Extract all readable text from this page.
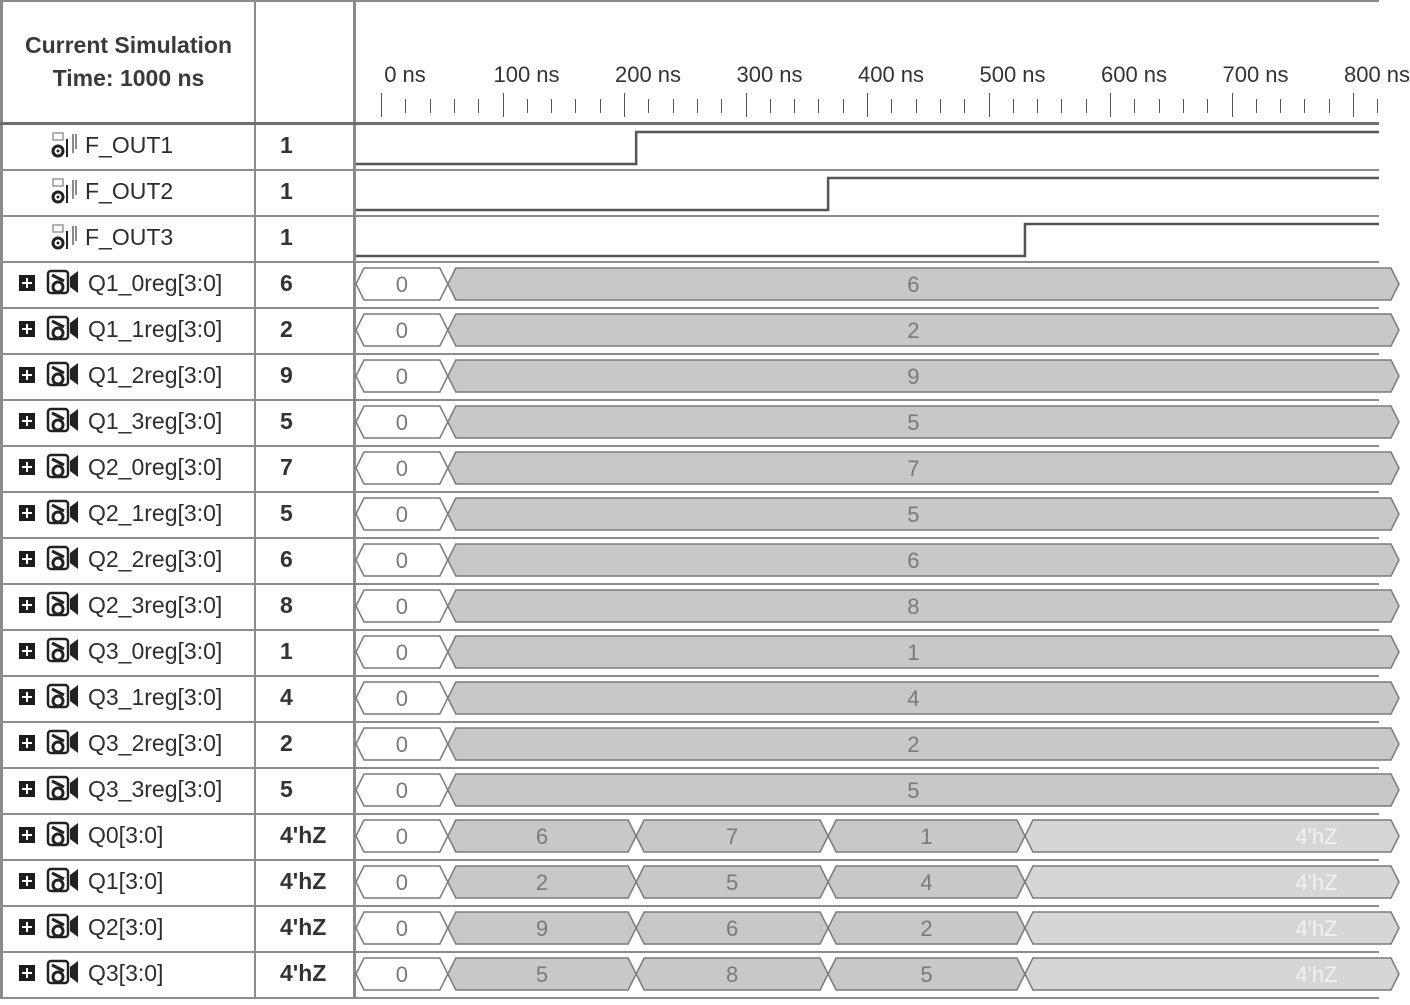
Current Simulation
Time: 1000 ns	0 ns	100 ns	200 ns	300 ns	400 ns	500 ns	600 ns	700 ns	800 ns
F_OUT1	1
F_OUT2	1
F_OUT3	1
Q1_0reg[3:0]	6	0	6
Q1_1reg[3:0]	2	0	2
Q1_2reg[3:0]	9	0	9
Q1_3reg[3:0]	5	0	5
Q2_0reg[3:0]	7	0	7
Q2_1reg[3:0]	5	0	5
Q2_2reg[3:0]	6	0	6
Q2_3reg[3:0]	8	0	8
Q3_0reg[3:0]	1	0	1
Q3_1reg[3:0]	4	0	4
Q3_2reg[3:0]	2	0	2
Q3_3reg[3:0]	5	0	5
Q0[3:0]	4'hZ	0	6	7	1	4'hZ
Q1[3:0]	4'hZ	0	2	5	4	4'hZ
Q2[3:0]	4'hZ	0	9	6	2	4'hZ
Q3[3:0]	4'hZ	0	5	8	5	4'hZ
